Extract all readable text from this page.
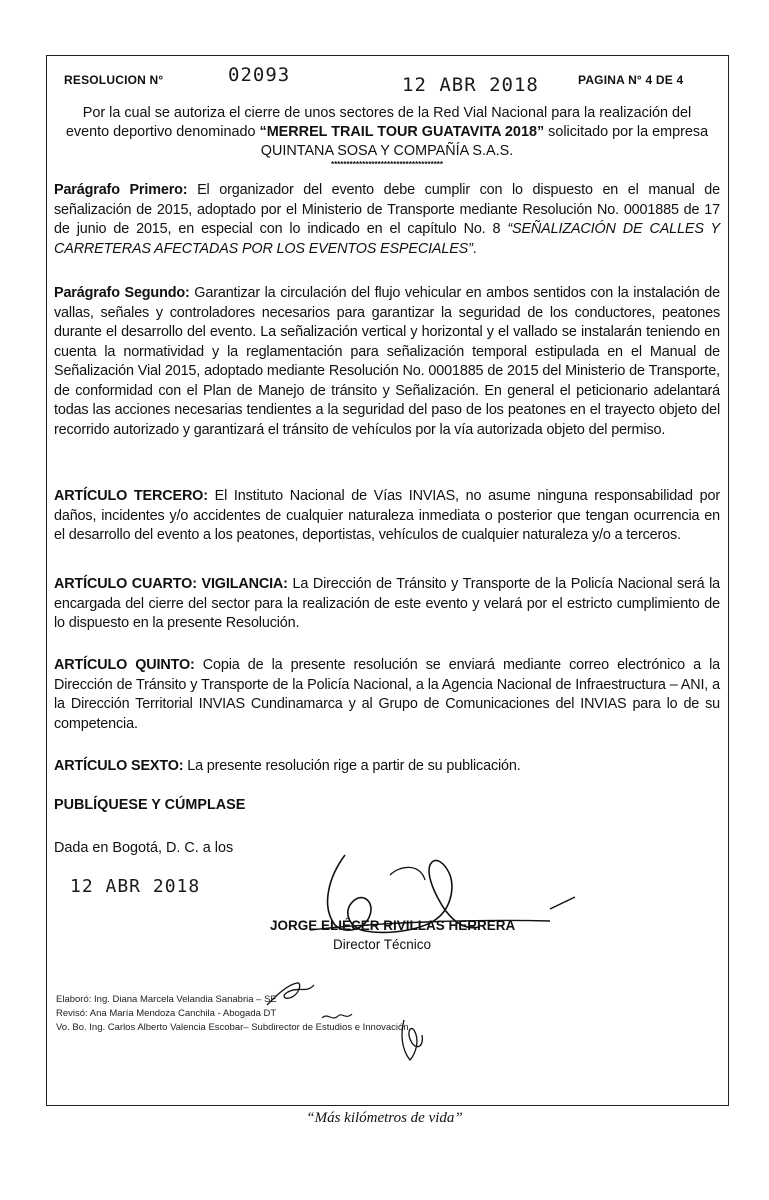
RESOLUCION N°	02093	12 ABR 2018	PAGINA N° 4 DE 4
Por la cual se autoriza el cierre de unos sectores de la Red Vial Nacional para la realización del
evento deportivo denominado “MERREL TRAIL TOUR GUATAVITA 2018” solicitado por la empresa
QUINTANA SOSA Y COMPAÑÍA S.A.S.
************************************
Parágrafo Primero: El organizador del evento debe cumplir con lo dispuesto en el manual de señalización de 2015, adoptado por el Ministerio de Transporte mediante Resolución No. 0001885 de 17 de junio de 2015, en especial con lo indicado en el capítulo No. 8 “SEÑALIZACIÓN DE CALLES Y CARRETERAS AFECTADAS POR LOS EVENTOS ESPECIALES”.
Parágrafo Segundo: Garantizar la circulación del flujo vehicular en ambos sentidos con la instalación de vallas, señales y controladores necesarios para garantizar la seguridad de los conductores, peatones durante el desarrollo del evento. La señalización vertical y horizontal y el vallado se instalarán teniendo en cuenta la normatividad y la reglamentación para señalización temporal estipulada en el Manual de Señalización Vial 2015, adoptado mediante Resolución No. 0001885 de 2015 del Ministerio de Transporte, de conformidad con el Plan de Manejo de tránsito y Señalización. En general el peticionario adelantará todas las acciones necesarias tendientes a la seguridad del paso de los peatones en el trayecto objeto del recorrido autorizado y garantizará el tránsito de vehículos por la vía autorizada objeto del permiso.
ARTÍCULO TERCERO: El Instituto Nacional de Vías INVIAS, no asume ninguna responsabilidad por daños, incidentes y/o accidentes de cualquier naturaleza inmediata o posterior que tengan ocurrencia en el desarrollo del evento a los peatones, deportistas, vehículos de cualquier naturaleza y/o a terceros.
ARTÍCULO CUARTO: VIGILANCIA: La Dirección de Tránsito y Transporte de la Policía Nacional será la encargada del cierre del sector para la realización de este evento y velará por el estricto cumplimiento de lo dispuesto en la presente Resolución.
ARTÍCULO QUINTO: Copia de la presente resolución se enviará mediante correo electrónico a la Dirección de Tránsito y Transporte de la Policía Nacional, a la Agencia Nacional de Infraestructura – ANI, a la Dirección Territorial INVIAS Cundinamarca y al Grupo de Comunicaciones del INVIAS para lo de su competencia.
ARTÍCULO SEXTO: La presente resolución rige a partir de su publicación.
PUBLÍQUESE Y CÚMPLASE
Dada en Bogotá, D. C. a los
12 ABR 2018
JORGE ELIÉCER RIVILLAS HERRERA
Director Técnico
Elaboró: Ing. Diana Marcela Velandia Sanabria – SE
Revisó: Ana María Mendoza Canchila - Abogada DT
Vo. Bo. Ing. Carlos Alberto Valencia Escobar– Subdirector de Estudios e Innovación
“Más kilómetros de vida”
